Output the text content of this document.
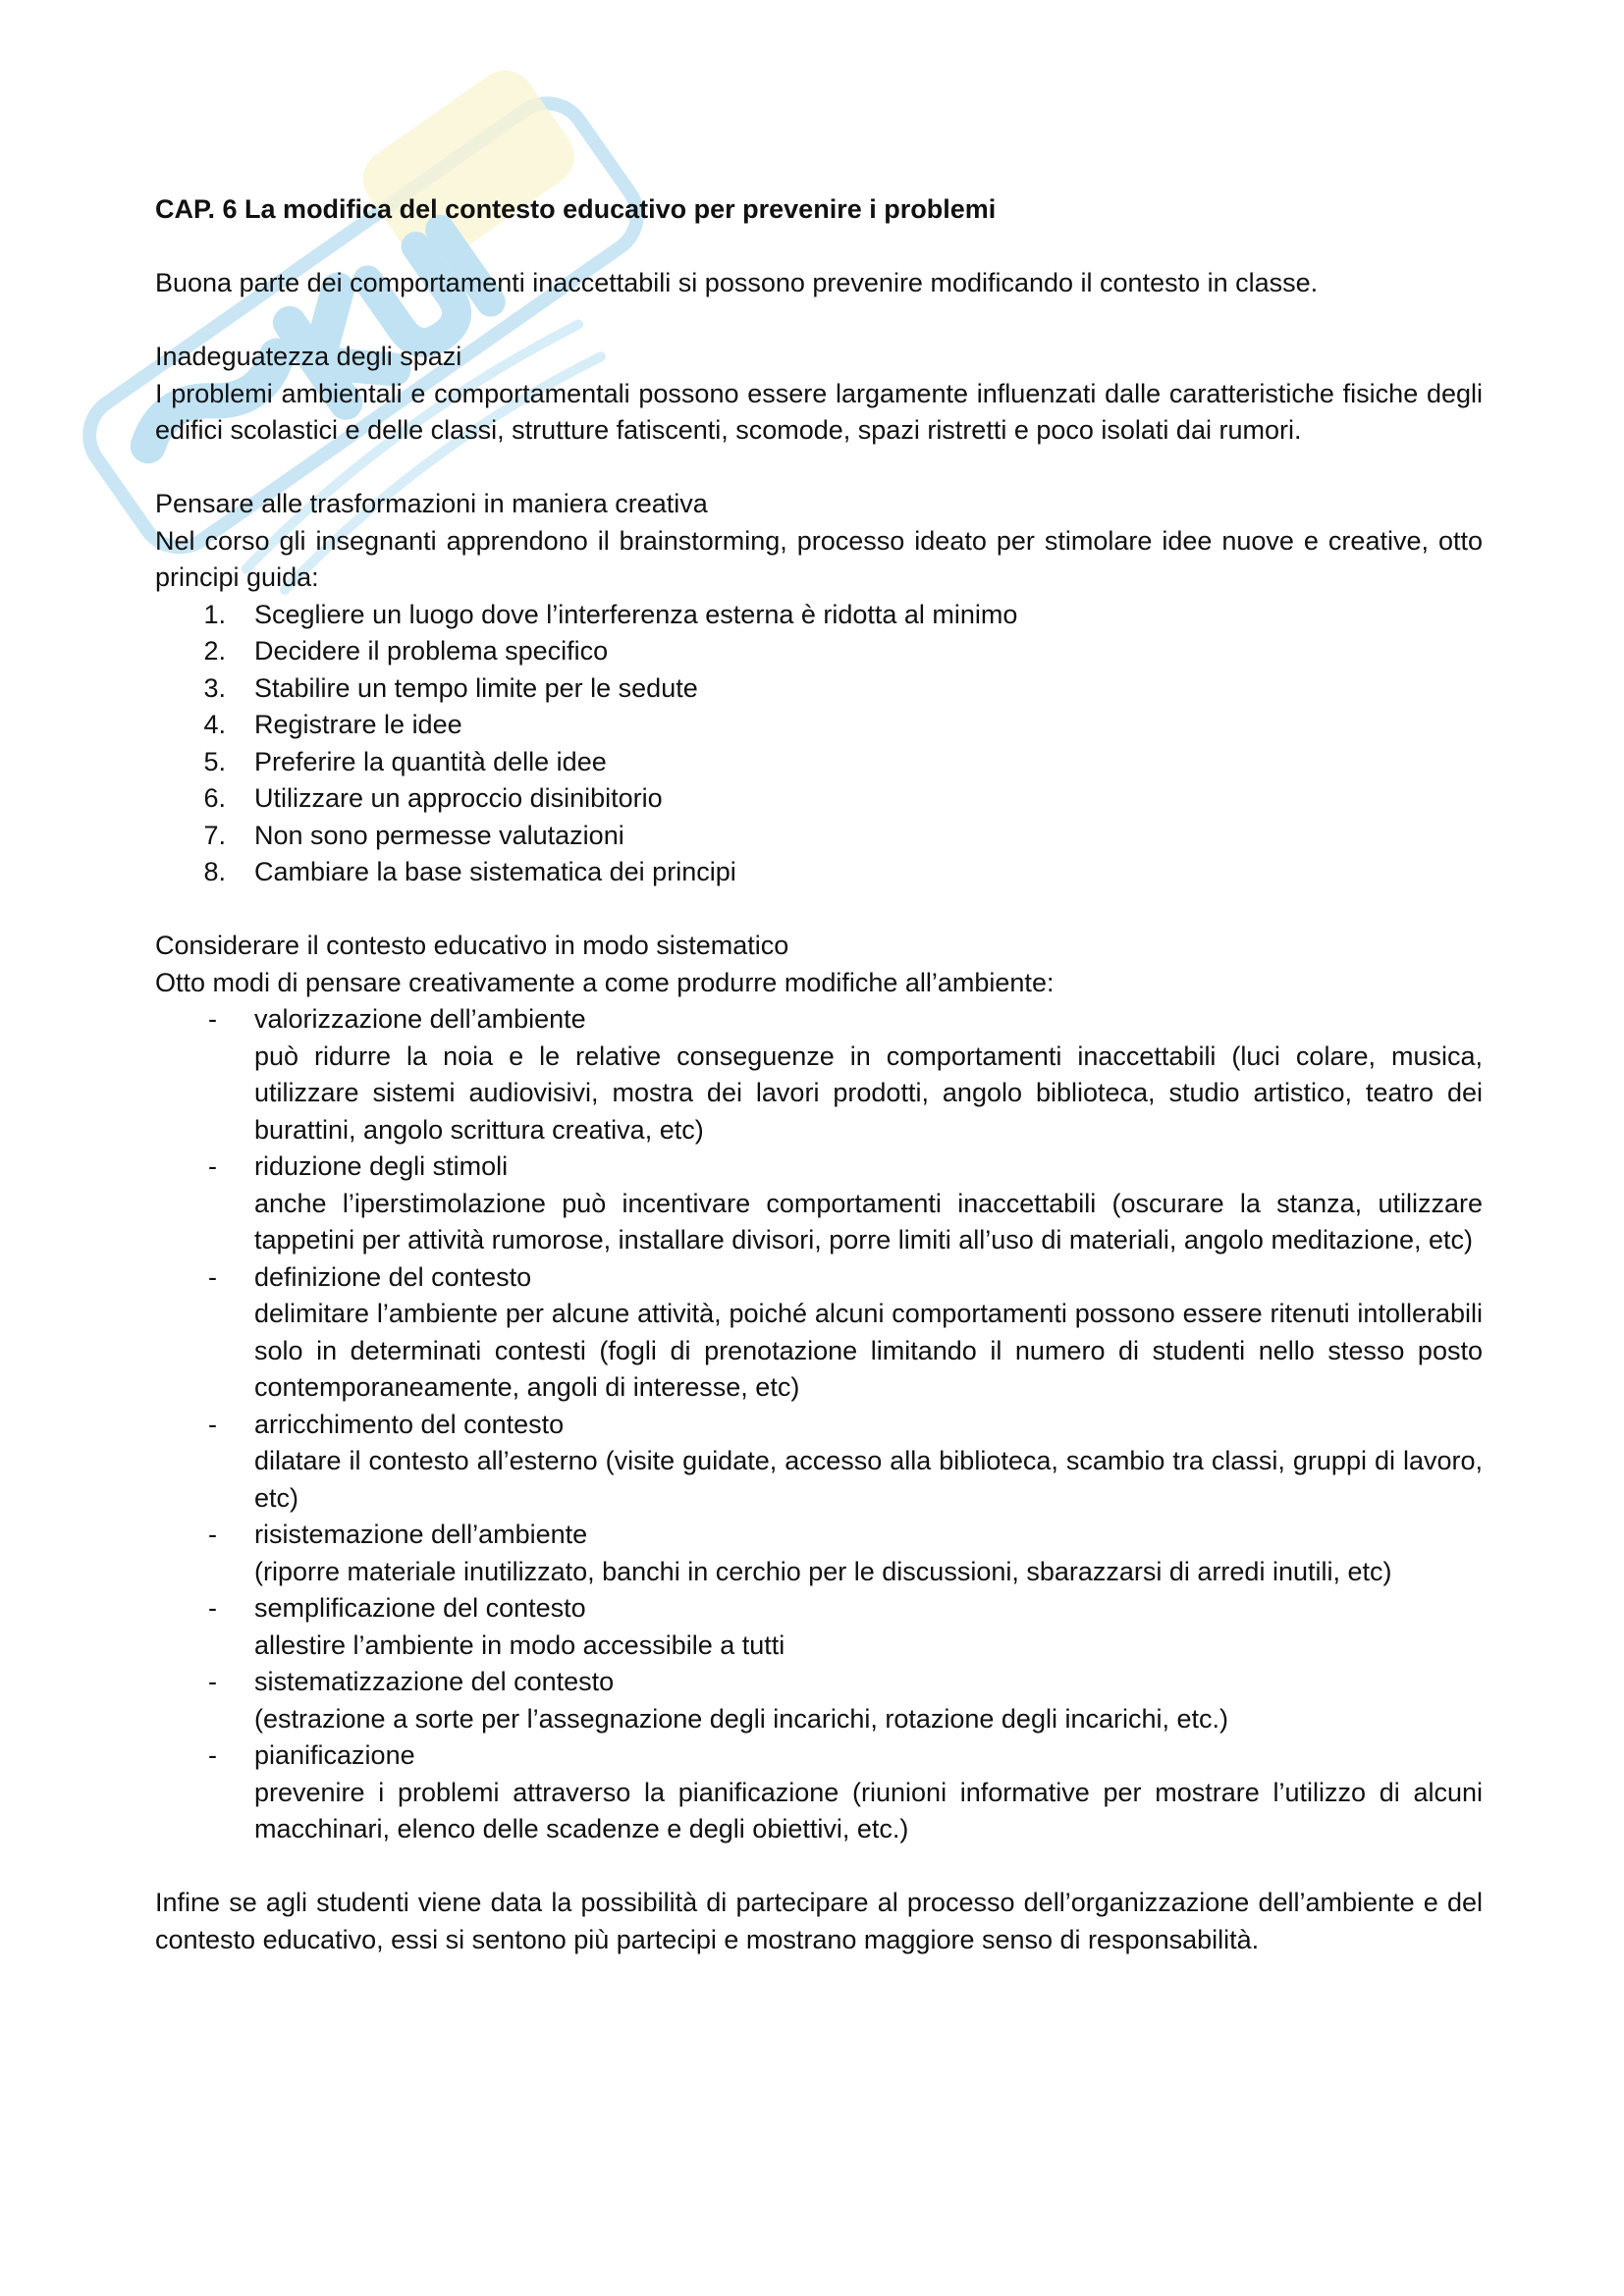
CAP. 6 La modifica del contesto educativo per prevenire i problemi

Buona parte dei comportamenti inaccettabili si possono prevenire modificando il contesto in classe.

Inadeguatezza degli spazi
I problemi ambientali e comportamentali possono essere largamente influenzati dalle caratteristiche fisiche degli edifici scolastici e delle classi, strutture fatiscenti, scomode, spazi ristretti e poco isolati dai rumori.
Pensare alle trasformazioni in maniera creativa
Nel corso gli insegnanti apprendono il brainstorming, processo ideato per stimolare idee nuove e creative, otto principi guida:
1. Scegliere un luogo dove l’interferenza esterna è ridotta al minimo
2. Decidere il problema specifico
3. Stabilire un tempo limite per le sedute
4. Registrare le idee
5. Preferire la quantità delle idee
6. Utilizzare un approccio disinibitorio
7. Non sono permesse valutazioni
8. Cambiare la base sistematica dei principi
Considerare il contesto educativo in modo sistematico
Otto modi di pensare creativamente a come produrre modifiche all’ambiente:
- valorizzazione dell’ambiente
può ridurre la noia e le relative conseguenze in comportamenti inaccettabili (luci colare, musica, utilizzare sistemi audiovisivi, mostra dei lavori prodotti, angolo biblioteca, studio artistico, teatro dei burattini, angolo scrittura creativa, etc)
- riduzione degli stimoli
anche l’iperstimolazione può incentivare comportamenti inaccettabili (oscurare la stanza, utilizzare tappetini per attività rumorose, installare divisori, porre limiti all’uso di materiali, angolo meditazione, etc)
- definizione del contesto
delimitare l’ambiente per alcune attività, poiché alcuni comportamenti possono essere ritenuti intollerabili solo in determinati contesti (fogli di prenotazione limitando il numero di studenti nello stesso posto contemporaneamente, angoli di interesse, etc)
- arricchimento del contesto
dilatare il contesto all’esterno (visite guidate, accesso alla biblioteca, scambio tra classi, gruppi di lavoro, etc)
- risistemazione dell’ambiente
(riporre materiale inutilizzato, banchi in cerchio per le discussioni, sbarazzarsi di arredi inutili, etc)
- semplificazione del contesto
allestire l’ambiente in modo accessibile a tutti
- sistematizzazione del contesto
(estrazione a sorte per l’assegnazione degli incarichi, rotazione degli incarichi, etc.)
- pianificazione
prevenire i problemi attraverso la pianificazione (riunioni informative per mostrare l’utilizzo di alcuni macchinari, elenco delle scadenze e degli obiettivi, etc.)

Infine se agli studenti viene data la possibilità di partecipare al processo dell’organizzazione dell’ambiente e del contesto educativo, essi si sentono più partecipi e mostrano maggiore senso di responsabilità.
